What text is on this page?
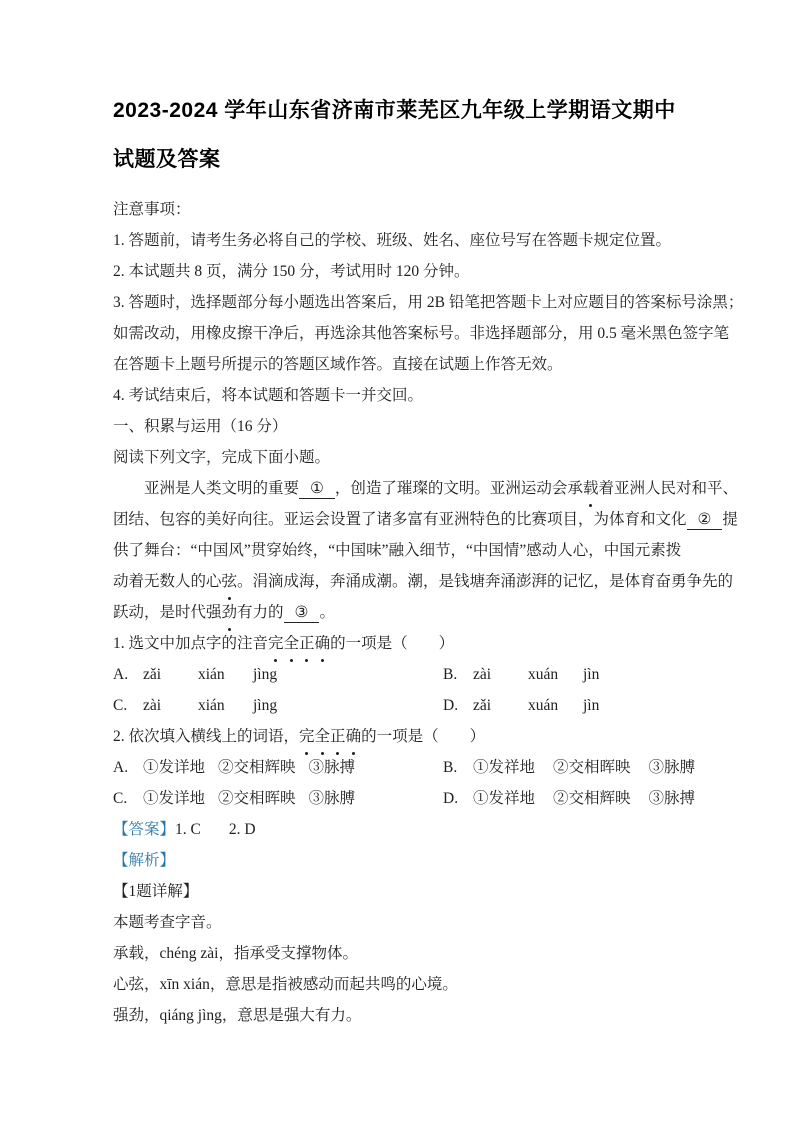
2023-2024 学年山东省济南市莱芜区九年级上学期语文期中
试题及答案
注意事项：
1. 答题前，请考生务必将自己的学校、班级、姓名、座位号写在答题卡规定位置。
2. 本试题共 8 页，满分 150 分，考试用时 120 分钟。
3. 答题时，选择题部分每小题选出答案后，用 2B 铅笔把答题卡上对应题目的答案标号涂黑；
如需改动，用橡皮擦干净后，再选涂其他答案标号。非选择题部分，用 0.5 毫米黑色签字笔
在答题卡上题号所提示的答题区域作答。直接在试题上作答无效。
4. 考试结束后，将本试题和答题卡一并交回。
一、积累与运用（16 分）
阅读下列文字，完成下面小题。
　　亚洲是人类文明的重要 ① ，创造了璀璨的文明。亚洲运动会承载着亚洲人民对和平、
团结、包容的美好向往。亚运会设置了诸多富有亚洲特色的比赛项目，为体育和文化 ② 提
供了舞台：“中国风”贯穿始终，“中国味”融入细节，“中国情”感动人心，中国元素拨
动着无数人的心弦。涓滴成海，奔涌成潮。潮，是钱塘奔涌澎湃的记忆，是体育奋勇争先的
跃动，是时代强劲有力的 ③ 。
1. 选文中加点字的注音完全正确的一项是（　　）
A. zǎi xián jìng	B. zài xuán jìn
C. zài xián jìng	D. zǎi xuán jìn
2. 依次填入横线上的词语，完全正确的一项是（　　）
A. ①发详地 ②交相辉映 ③脉搏	B. ①发祥地 ②交相晖映 ③脉膊
C. ①发详地 ②交相晖映 ③脉膊	D. ①发祥地 ②交相辉映 ③脉搏
【答案】1. C 2. D
【解析】
【1题详解】
本题考查字音。
承载，chéng zài，指承受支撑物体。
心弦，xīn xián，意思是指被感动而起共鸣的心境。
强劲，qiáng jìng，意思是强大有力。
